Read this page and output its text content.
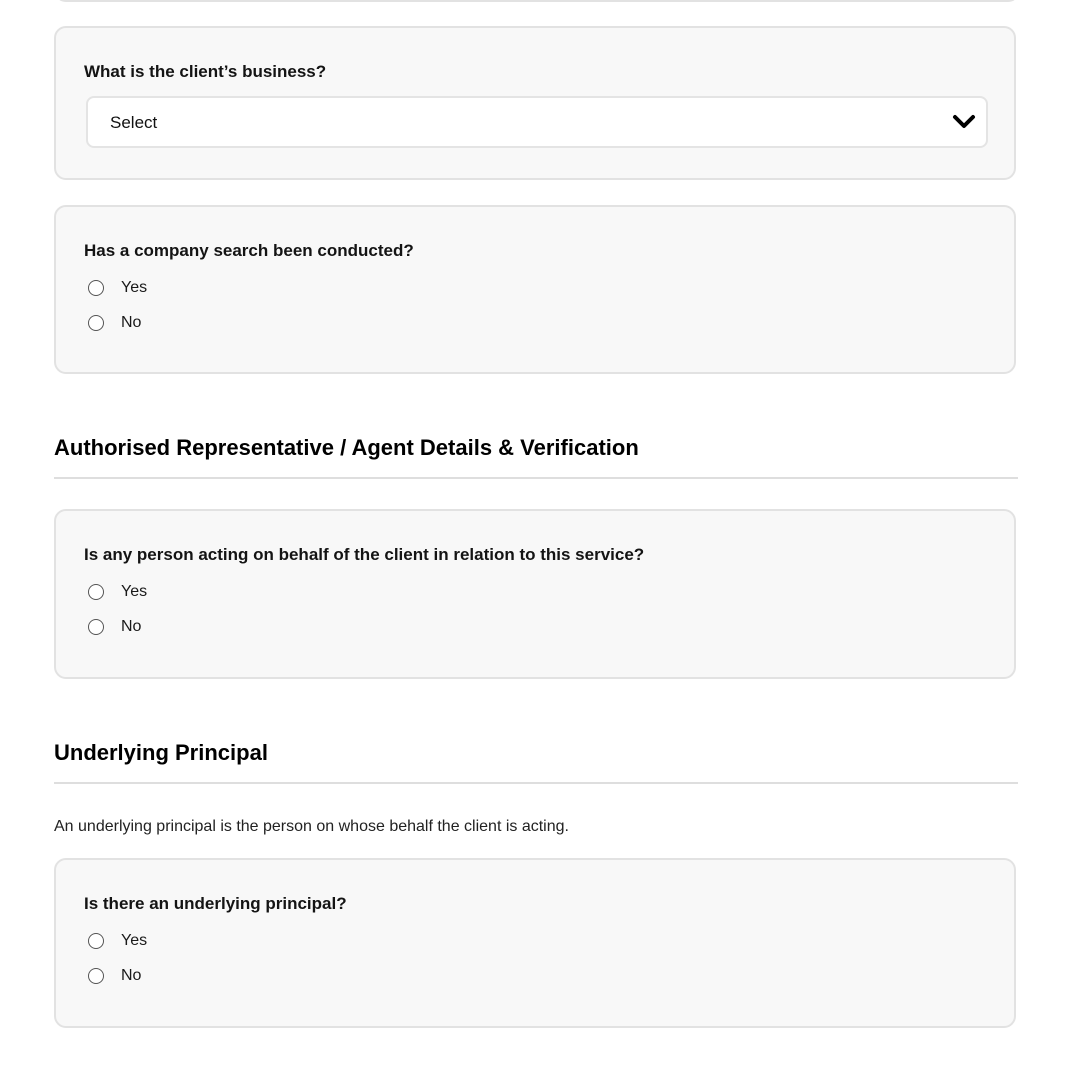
What is the client’s business?
Select
Has a company search been conducted?
Yes
No
Authorised Representative / Agent Details & Verification
Is any person acting on behalf of the client in relation to this service?
Yes
No
Underlying Principal
An underlying principal is the person on whose behalf the client is acting.
Is there an underlying principal?
Yes
No
